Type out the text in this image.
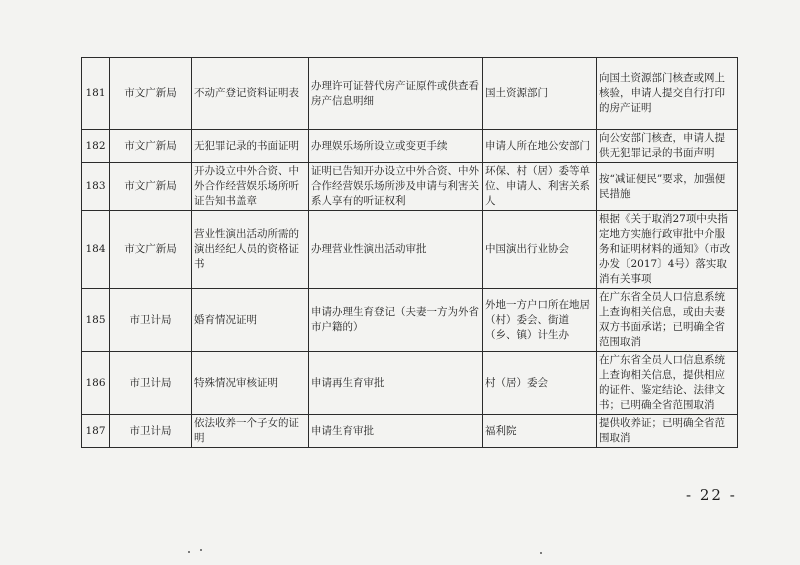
181	市文广新局	不动产登记资料证明表	办理许可证替代房产证原件或供查看房产信息明细	国土资源部门	向国土资源部门核查或网上核验，申请人提交自行打印的房产证明
182	市文广新局	无犯罪记录的书面证明	办理娱乐场所设立或变更手续	申请人所在地公安部门	向公安部门核查，申请人提供无犯罪记录的书面声明
183	市文广新局	开办设立中外合资、中外合作经营娱乐场所听证告知书盖章	证明已告知开办设立中外合资、中外合作经营娱乐场所涉及申请与利害关系人享有的听证权利	环保、村（居）委等单位、申请人、利害关系人	按“减证便民”要求，加强便民措施
184	市文广新局	营业性演出活动所需的演出经纪人员的资格证书	办理营业性演出活动审批	中国演出行业协会	根据《关于取消27项中央指定地方实施行政审批中介服务和证明材料的通知》（市改办发〔2017〕4号）落实取消有关事项
185	市卫计局	婚育情况证明	申请办理生育登记（夫妻一方为外省市户籍的）	外地一方户口所在地居（村）委会、街道（乡、镇）计生办	在广东省全员人口信息系统上查询相关信息，或由夫妻双方书面承诺；已明确全省范围取消
186	市卫计局	特殊情况审核证明	申请再生育审批	村（居）委会	在广东省全员人口信息系统上查询相关信息，提供相应的证件、鉴定结论、法律文书；已明确全省范围取消
187	市卫计局	依法收养一个子女的证明	申请生育审批	福利院	提供收养证；已明确全省范围取消
- 22 -
